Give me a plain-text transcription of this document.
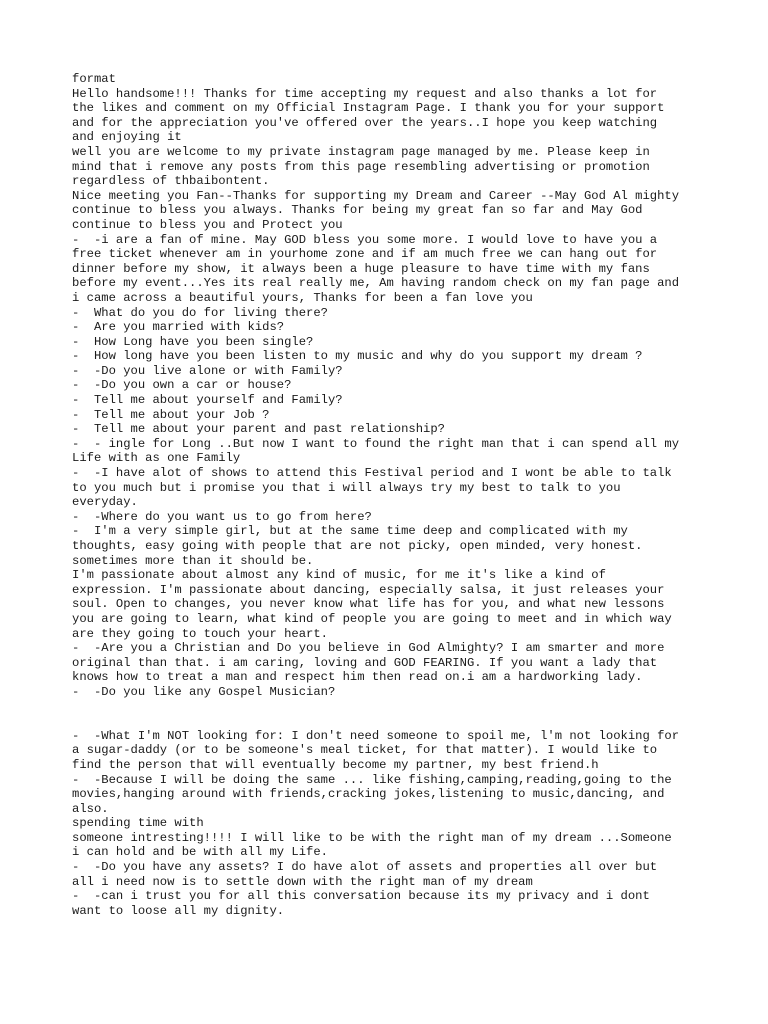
format
Hello handsome!!! Thanks for time accepting my request and also thanks a lot for
the likes and comment on my Official Instagram Page. I thank you for your support
and for the appreciation you've offered over the years..I hope you keep watching
and enjoying it
well you are welcome to my private instagram page managed by me. Please keep in
mind that i remove any posts from this page resembling advertising or promotion
regardless of thbaibontent.
Nice meeting you Fan--Thanks for supporting my Dream and Career --May God Al mighty
continue to bless you always. Thanks for being my great fan so far and May God
continue to bless you and Protect you
-  -i are a fan of mine. May GOD bless you some more. I would love to have you a
free ticket whenever am in yourhome zone and if am much free we can hang out for
dinner before my show, it always been a huge pleasure to have time with my fans
before my event...Yes its real really me, Am having random check on my fan page and
i came across a beautiful yours, Thanks for been a fan love you
-  What do you do for living there?
-  Are you married with kids?
-  How Long have you been single?
-  How long have you been listen to my music and why do you support my dream ?
-  -Do you live alone or with Family?
-  -Do you own a car or house?
-  Tell me about yourself and Family?
-  Tell me about your Job ?
-  Tell me about your parent and past relationship?
-  - ingle for Long ..But now I want to found the right man that i can spend all my
Life with as one Family
-  -I have alot of shows to attend this Festival period and I wont be able to talk
to you much but i promise you that i will always try my best to talk to you
everyday.
-  -Where do you want us to go from here?
-  I'm a very simple girl, but at the same time deep and complicated with my
thoughts, easy going with people that are not picky, open minded, very honest.
sometimes more than it should be.
I'm passionate about almost any kind of music, for me it's like a kind of
expression. I'm passionate about dancing, especially salsa, it just releases your
soul. Open to changes, you never know what life has for you, and what new lessons
you are going to learn, what kind of people you are going to meet and in which way
are they going to touch your heart.
-  -Are you a Christian and Do you believe in God Almighty? I am smarter and more
original than that. i am caring, loving and GOD FEARING. If you want a lady that
knows how to treat a man and respect him then read on.i am a hardworking lady.
-  -Do you like any Gospel Musician?
-  -What I'm NOT looking for: I don't need someone to spoil me, l'm not looking for
a sugar-daddy (or to be someone's meal ticket, for that matter). I would like to
find the person that will eventually become my partner, my best friend.h
-  -Because I will be doing the same ... like fishing,camping,reading,going to the
movies,hanging around with friends,cracking jokes,listening to music,dancing, and
also.
spending time with
someone intresting!!!! I will like to be with the right man of my dream ...Someone
i can hold and be with all my Life.
-  -Do you have any assets? I do have alot of assets and properties all over but
all i need now is to settle down with the right man of my dream
-  -can i trust you for all this conversation because its my privacy and i dont
want to loose all my dignity.
